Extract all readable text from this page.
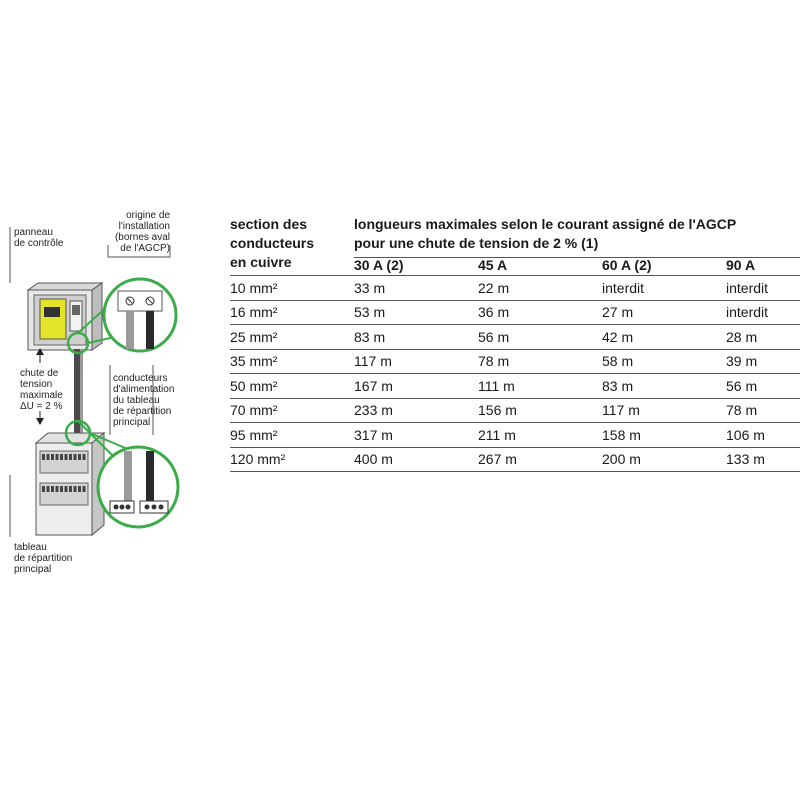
panneau
de contrôle
origine de
l'installation
(bornes aval
de l'AGCP)
chute de
tension
maximale
ΔU = 2 %
conducteurs
d'alimentation
du tableau
de répartition
principal
tableau
de répartition
principal
section des
conducteurs
en cuivre
longueurs maximales selon le courant assigné de l'AGCP
pour une chute de tension de 2 % (1)
	30 A (2)	45 A	60 A (2)	90 A
10 mm²	33 m	22 m	interdit	interdit
16 mm²	53 m	36 m	27 m	interdit
25 mm²	83 m	56 m	42 m	28 m
35 mm²	117 m	78 m	58 m	39 m
50 mm²	167 m	111 m	83 m	56 m
70 mm²	233 m	156 m	117 m	78 m
95 mm²	317 m	211 m	158 m	106 m
120 mm²	400 m	267 m	200 m	133 m
